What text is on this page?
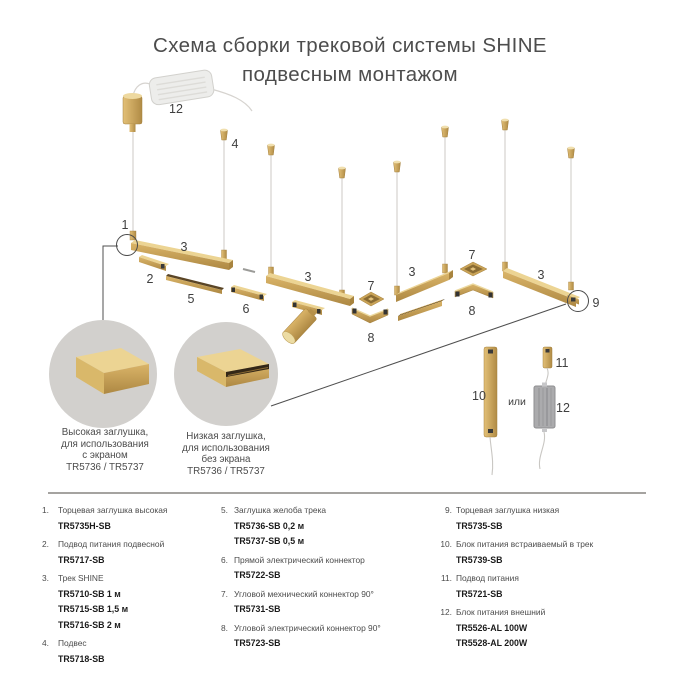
Схема сборки трековой системы SHINE
подвесным монтажом
12
4
1
3
2
5
6
3
7
8
3
7
8
3
9
10 или
11
12
Высокая заглушка,
для использования
с экраном
TR5736 / TR5737
Низкая заглушка,
для использования
без экрана
TR5736 / TR5737
1.	Торцевая заглушка высокая
TR5735H-SB
2.	Подвод питания подвесной
TR5717-SB
3.	Трек SHINE
TR5710-SB 1 м
TR5715-SB 1,5 м
TR5716-SB 2 м
4.	Подвес
TR5718-SB
5. Заглушка желоба трека
TR5736-SB 0,2 м
TR5737-SB 0,5 м
6. Прямой электрический коннектор
TR5722-SB
7. Угловой мехнический коннектор 90°
TR5731-SB
8. Угловой электрический коннектор 90°
TR5723-SB
9. Торцевая заглушка низкая
TR5735-SB
10. Блок питания встраиваемый в трек
TR5739-SB
11. Подвод питания
TR5721-SB
12. Блок питания внешний
TR5526-AL 100W
TR5528-AL 200W
